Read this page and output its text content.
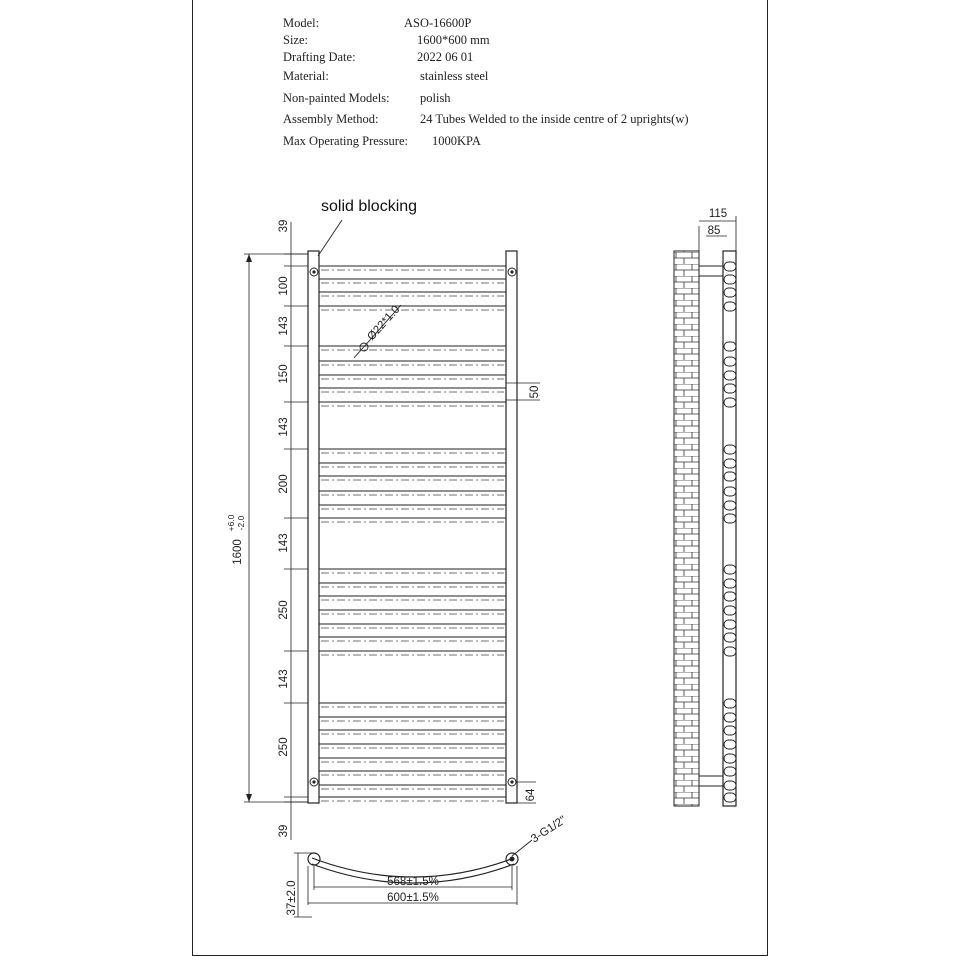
Model:	ASO-16600P
Size:	1600*600 mm
Drafting Date:	2022 06 01
Material:	stainless steel
Non-painted Models: polish
Assembly Method:	24 Tubes Welded to the inside centre of 2 uprights(w)
Max Operating Pressure: 1000KPA
1600
+6.0 -2.0
39
100
143
150
143
200
143
250
143
250
39
solid blocking
Ø22*1.0
50
64
115
85
3-G1/2"
568±1.5%
600±1.5%
37±2.0
